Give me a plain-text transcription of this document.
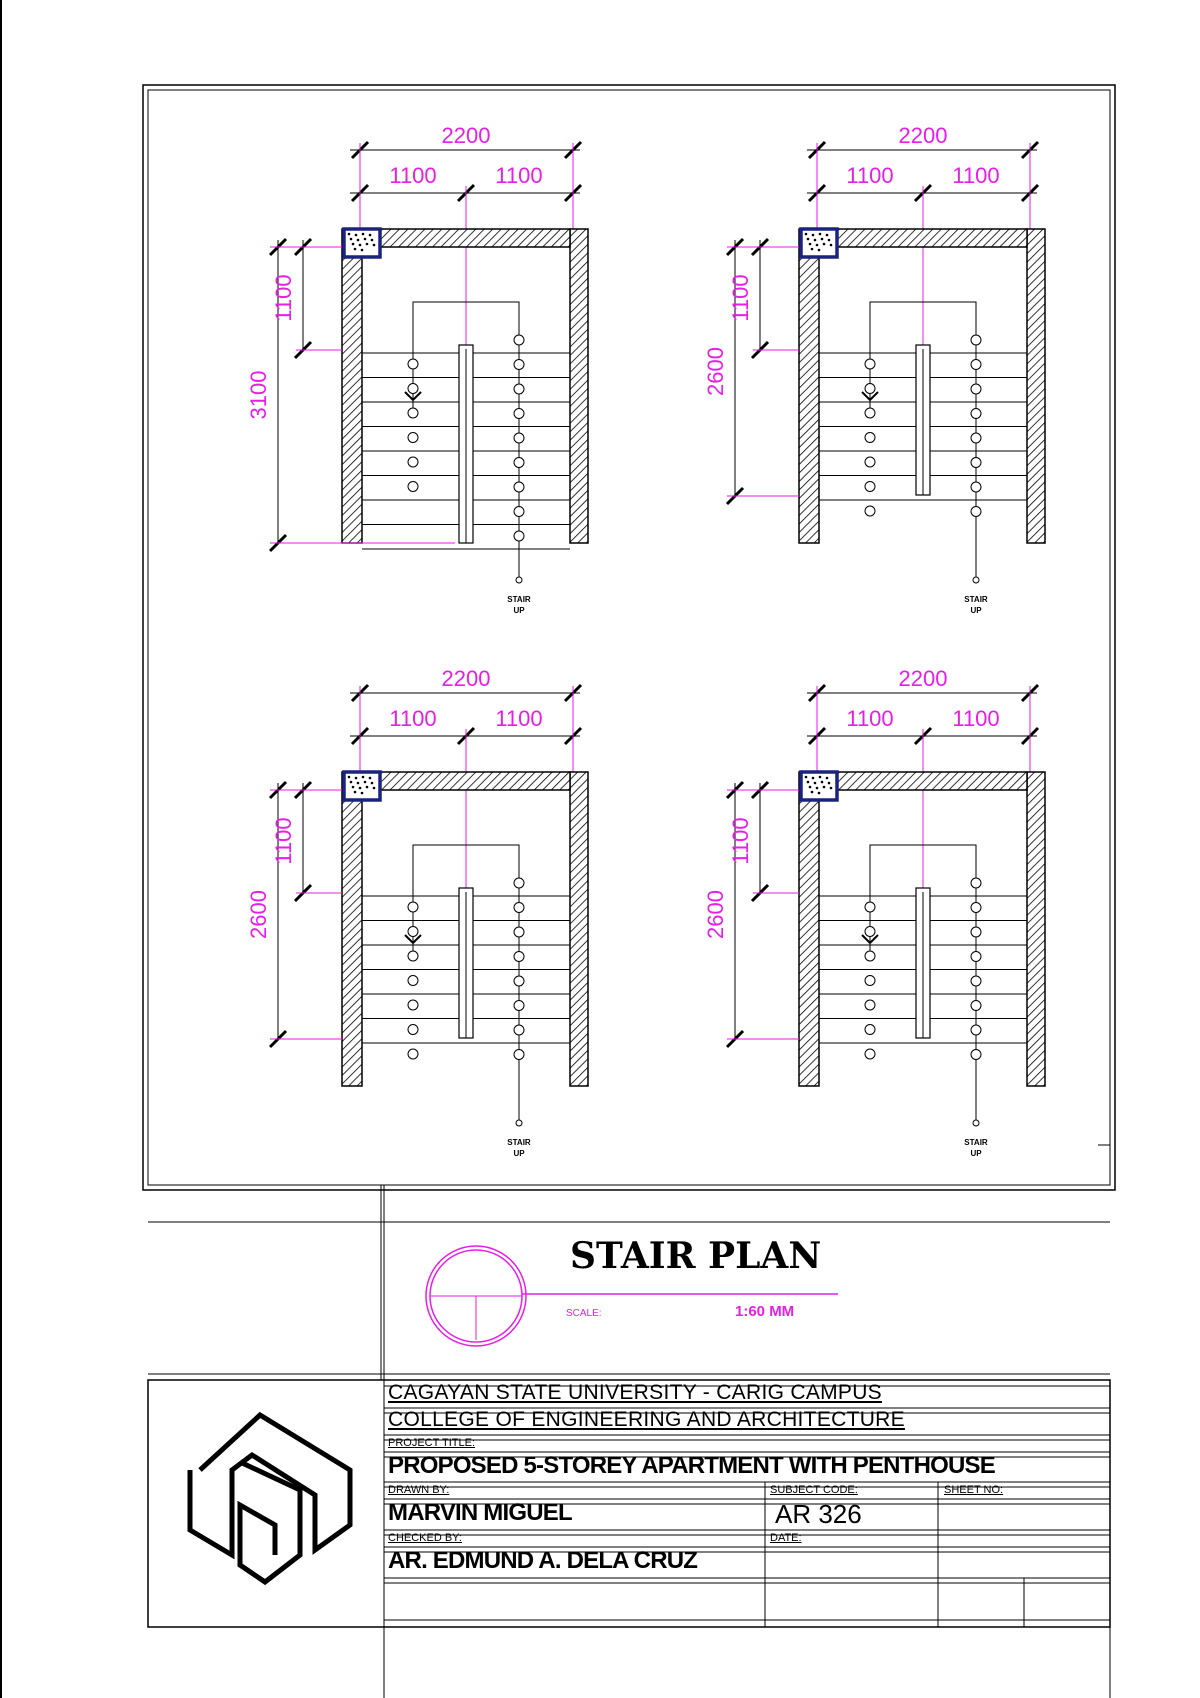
2200
1100	1100
STAIR
UP
1100
3100
2200
1100	1100
STAIR
UP
1100
2600
2200
1100	1100
STAIR
UP
1100
2600
2200
1100	1100
STAIR
UP
1100
2600
STAIR PLAN
SCALE:	1:60 MM
CAGAYAN STATE UNIVERSITY - CARIG CAMPUS
COLLEGE OF ENGINEERING AND ARCHITECTURE
PROJECT TITLE:
PROPOSED 5-STOREY APARTMENT WITH PENTHOUSE
DRAWN BY:	SUBJECT CODE:	SHEET NO:
MARVIN MIGUEL	AR 326
CHECKED BY:	DATE:
AR. EDMUND A. DELA CRUZ
